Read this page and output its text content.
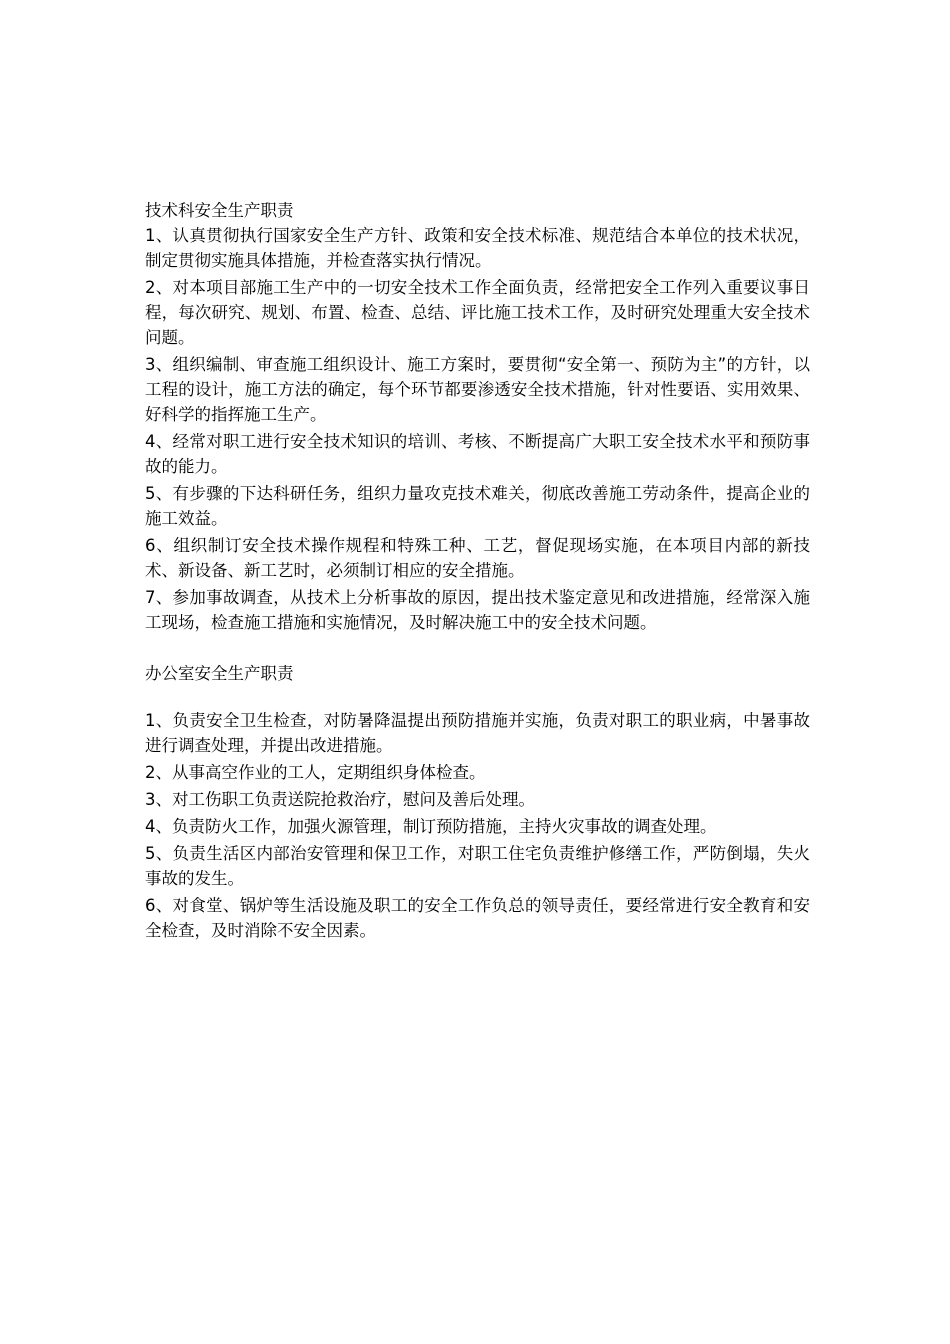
技术科安全生产职责
1、认真贯彻执行国家安全生产方针、政策和安全技术标准、规范结合本单位的技术状况，制定贯彻实施具体措施，并检查落实执行情况。
2、对本项目部施工生产中的一切安全技术工作全面负责，经常把安全工作列入重要议事日程，每次研究、规划、布置、检查、总结、评比施工技术工作，及时研究处理重大安全技术问题。
3、组织编制、审查施工组织设计、施工方案时，要贯彻“安全第一、预防为主”的方针，以工程的设计，施工方法的确定，每个环节都要渗透安全技术措施，针对性要语、实用效果、好科学的指挥施工生产。
4、经常对职工进行安全技术知识的培训、考核、不断提高广大职工安全技术水平和预防事故的能力。
5、有步骤的下达科研任务，组织力量攻克技术难关，彻底改善施工劳动条件，提高企业的施工效益。
6、组织制订安全技术操作规程和特殊工种、工艺，督促现场实施，在本项目内部的新技术、新设备、新工艺时，必须制订相应的安全措施。
7、参加事故调查，从技术上分析事故的原因，提出技术鉴定意见和改进措施，经常深入施工现场，检查施工措施和实施情况，及时解决施工中的安全技术问题。
办公室安全生产职责
1、负责安全卫生检查，对防暑降温提出预防措施并实施，负责对职工的职业病，中暑事故进行调查处理，并提出改进措施。
2、从事高空作业的工人，定期组织身体检查。
3、对工伤职工负责送院抢救治疗，慰问及善后处理。
4、负责防火工作，加强火源管理，制订预防措施，主持火灾事故的调查处理。
5、负责生活区内部治安管理和保卫工作，对职工住宅负责维护修缮工作，严防倒塌，失火事故的发生。
6、对食堂、锅炉等生活设施及职工的安全工作负总的领导责任，要经常进行安全教育和安全检查，及时消除不安全因素。
